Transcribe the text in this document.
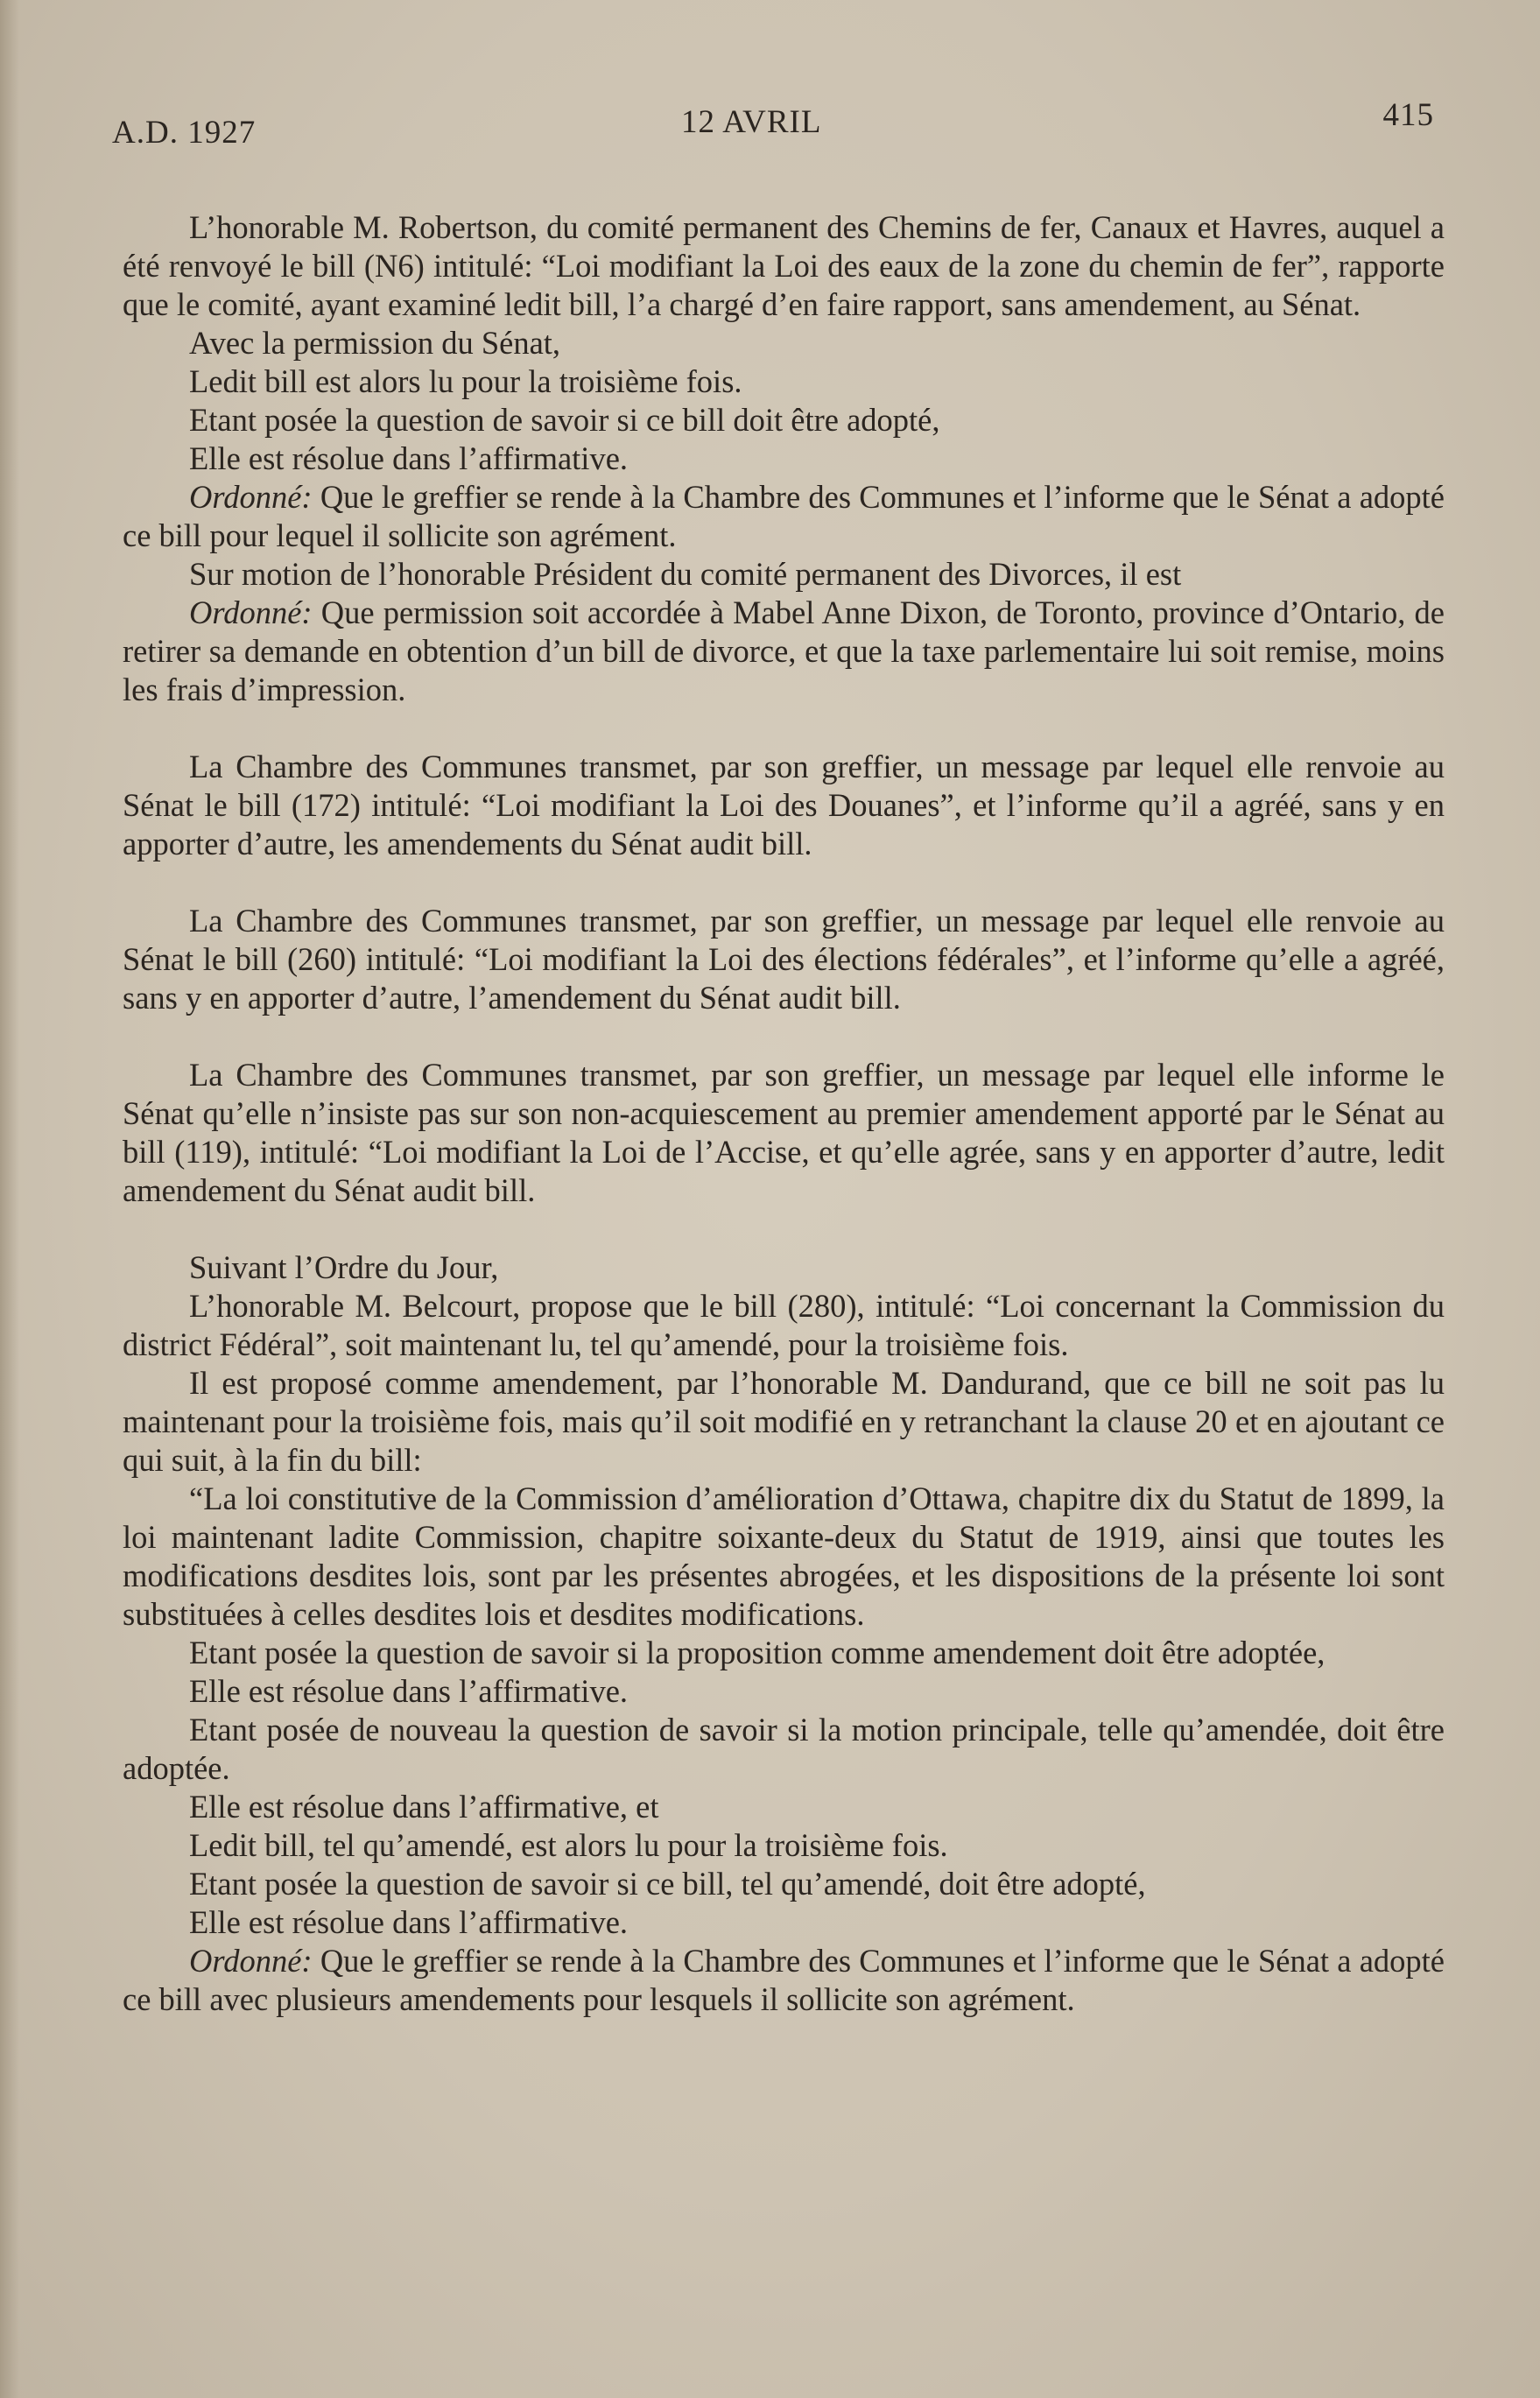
A.D. 1927	12 AVRIL	415

L’honorable M. Robertson, du comité permanent des Chemins de fer, Canaux et Havres, auquel a été renvoyé le bill (N6) intitulé: “Loi modifiant la Loi des eaux de la zone du chemin de fer”, rapporte que le comité, ayant examiné ledit bill, l’a chargé d’en faire rapport, sans amendement, au Sénat.

Avec la permission du Sénat,

Ledit bill est alors lu pour la troisième fois.

Etant posée la question de savoir si ce bill doit être adopté,

Elle est résolue dans l’affirmative.

Ordonné: Que le greffier se rende à la Chambre des Communes et l’informe que le Sénat a adopté ce bill pour lequel il sollicite son agrément.

Sur motion de l’honorable Président du comité permanent des Divorces, il est

Ordonné: Que permission soit accordée à Mabel Anne Dixon, de Toronto, province d’Ontario, de retirer sa demande en obtention d’un bill de divorce, et que la taxe parlementaire lui soit remise, moins les frais d’impression.

La Chambre des Communes transmet, par son greffier, un message par lequel elle renvoie au Sénat le bill (172) intitulé: “Loi modifiant la Loi des Douanes”, et l’informe qu’il a agréé, sans y en apporter d’autre, les amendements du Sénat audit bill.

La Chambre des Communes transmet, par son greffier, un message par lequel elle renvoie au Sénat le bill (260) intitulé: “Loi modifiant la Loi des élections fédérales”, et l’informe qu’elle a agréé, sans y en apporter d’autre, l’amendement du Sénat audit bill.

La Chambre des Communes transmet, par son greffier, un message par lequel elle informe le Sénat qu’elle n’insiste pas sur son non-acquiescement au premier amendement apporté par le Sénat au bill (119), intitulé: “Loi modifiant la Loi de l’Accise, et qu’elle agrée, sans y en apporter d’autre, ledit amendement du Sénat audit bill.

Suivant l’Ordre du Jour,

L’honorable M. Belcourt, propose que le bill (280), intitulé: “Loi concernant la Commission du district Fédéral”, soit maintenant lu, tel qu’amendé, pour la troisième fois.

Il est proposé comme amendement, par l’honorable M. Dandurand, que ce bill ne soit pas lu maintenant pour la troisième fois, mais qu’il soit modifié en y retranchant la clause 20 et en ajoutant ce qui suit, à la fin du bill:

“La loi constitutive de la Commission d’amélioration d’Ottawa, chapitre dix du Statut de 1899, la loi maintenant ladite Commission, chapitre soixante-deux du Statut de 1919, ainsi que toutes les modifications desdites lois, sont par les présentes abrogées, et les dispositions de la présente loi sont substituées à celles desdites lois et desdites modifications.

Etant posée la question de savoir si la proposition comme amendement doit être adoptée,

Elle est résolue dans l’affirmative.

Etant posée de nouveau la question de savoir si la motion principale, telle qu’amendée, doit être adoptée.

Elle est résolue dans l’affirmative, et

Ledit bill, tel qu’amendé, est alors lu pour la troisième fois.

Etant posée la question de savoir si ce bill, tel qu’amendé, doit être adopté,

Elle est résolue dans l’affirmative.

Ordonné: Que le greffier se rende à la Chambre des Communes et l’informe que le Sénat a adopté ce bill avec plusieurs amendements pour lesquels il sollicite son agrément.
